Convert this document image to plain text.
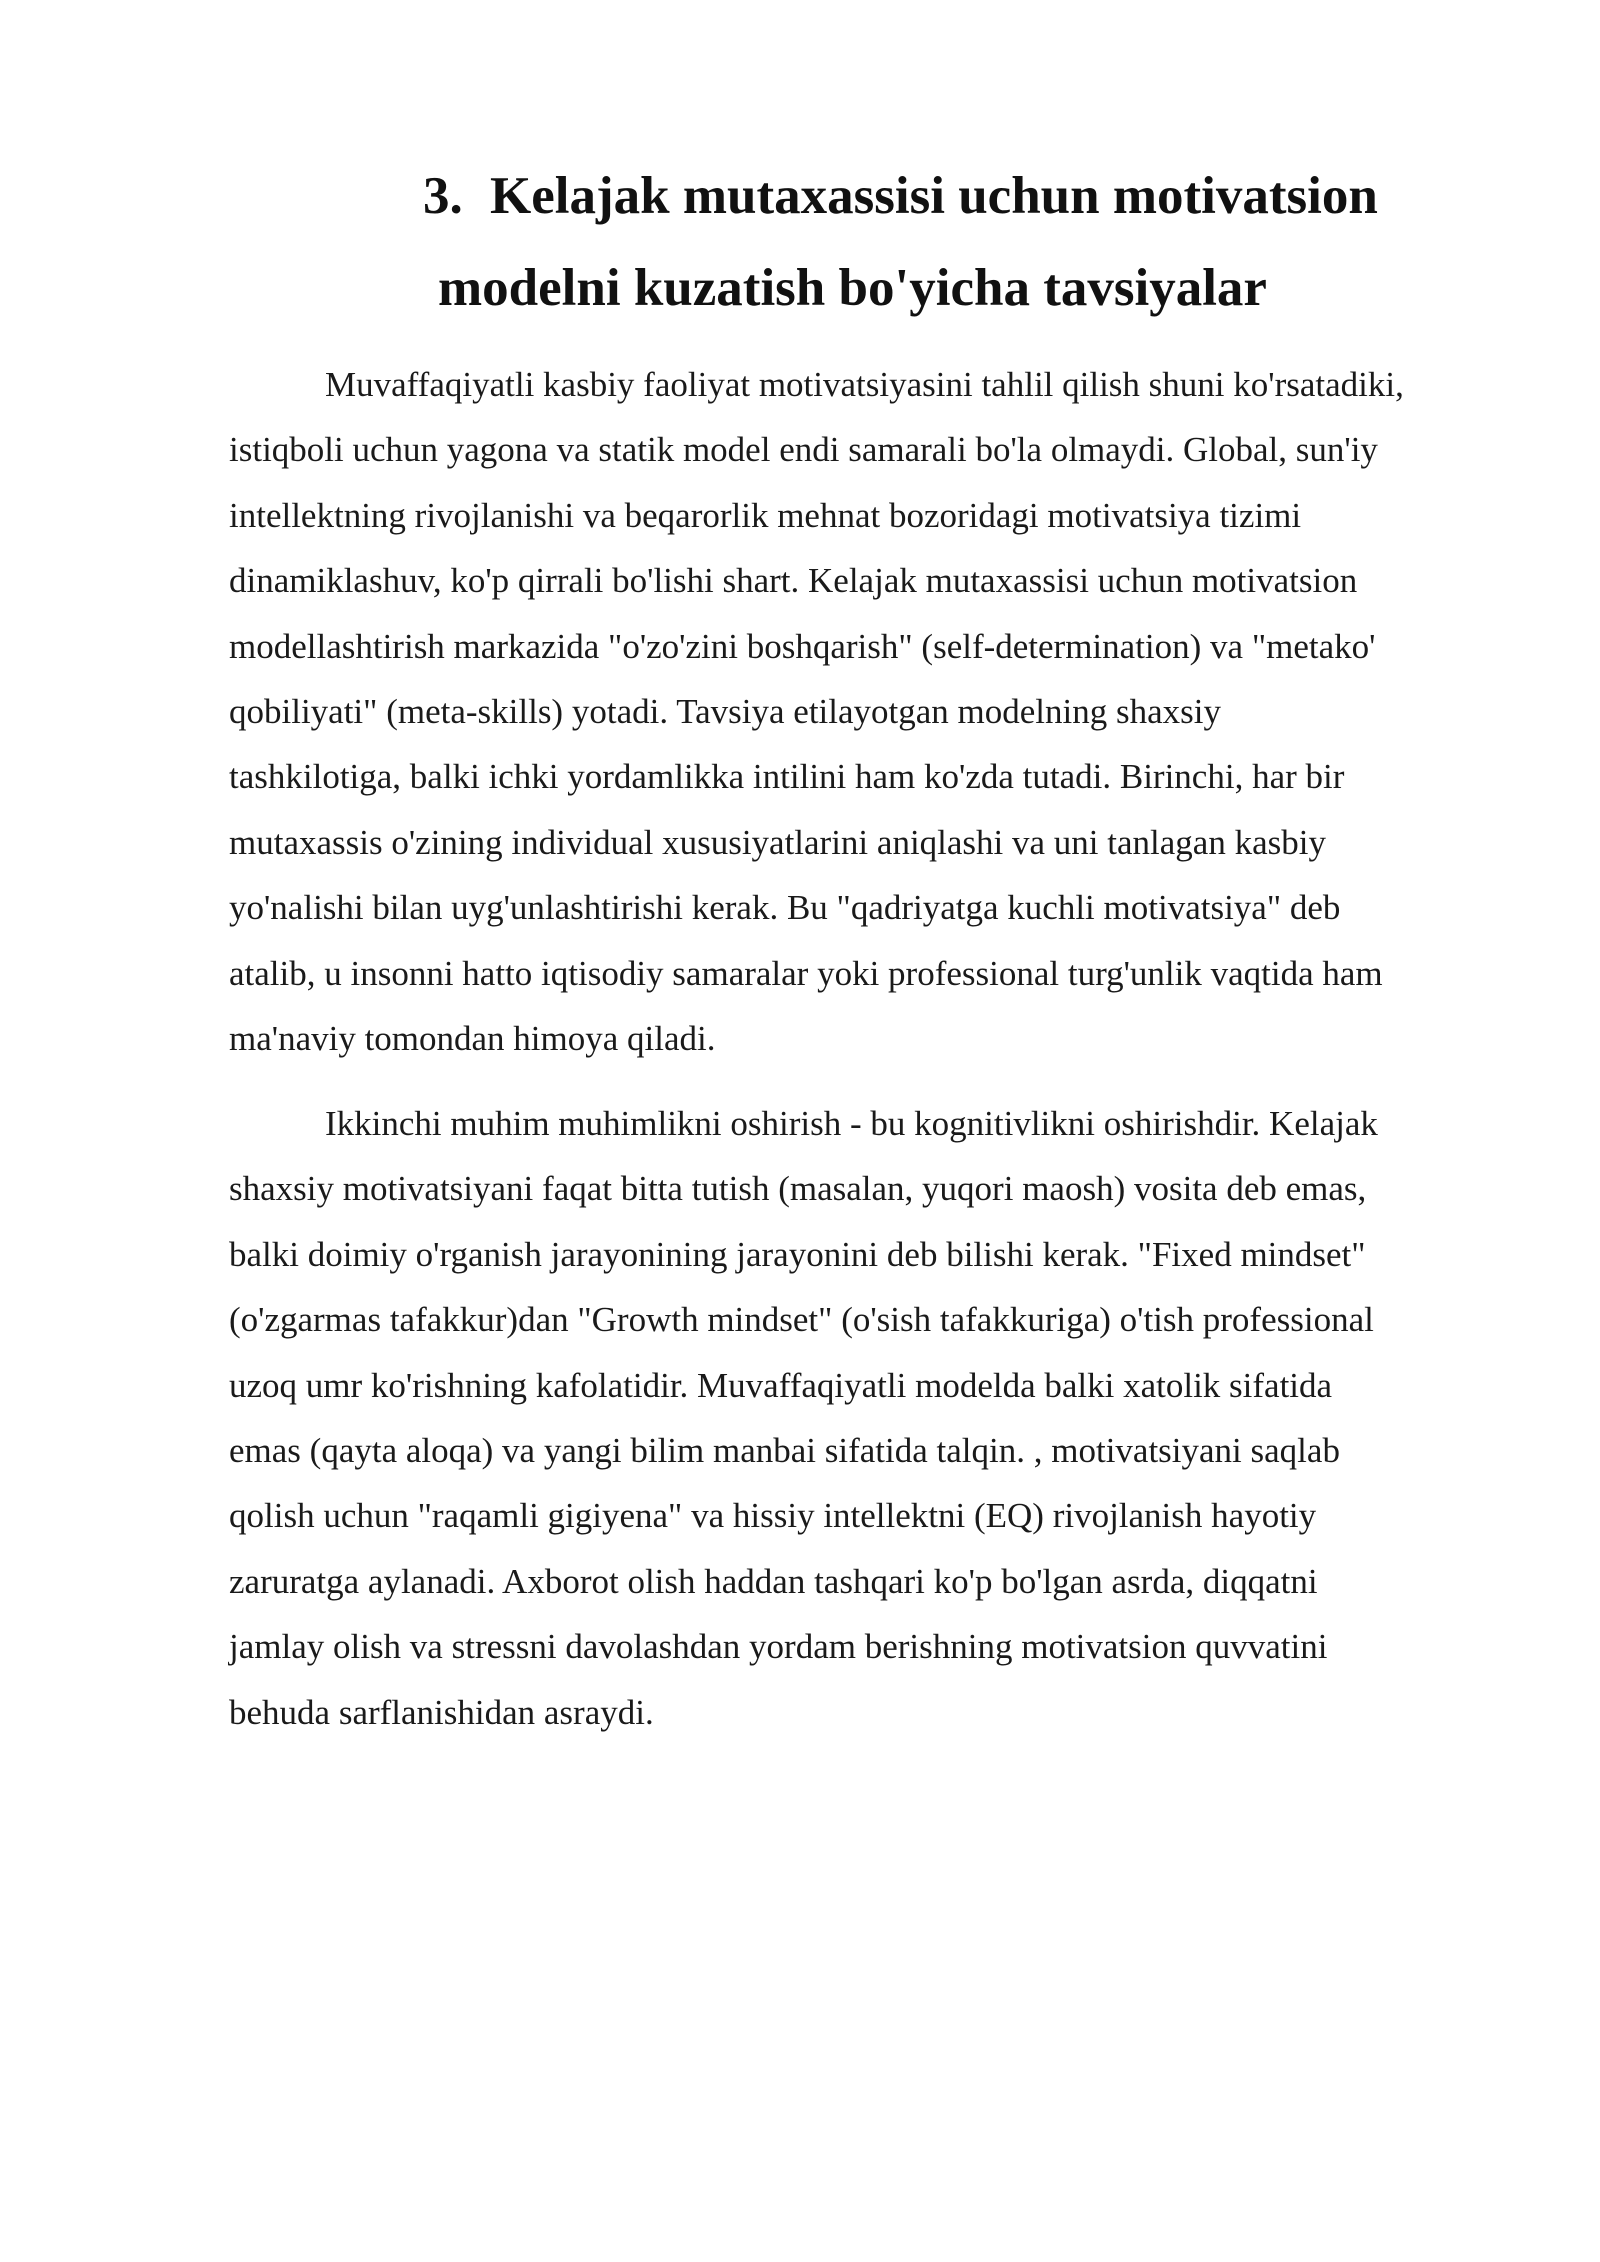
3. Kelajak mutaxassisi uchun motivatsion
modelni kuzatish bo'yicha tavsiyalar
Muvaffaqiyatli kasbiy faoliyat motivatsiyasini tahlil qilish shuni ko'rsatadiki,
istiqboli uchun yagona va statik model endi samarali bo'la olmaydi. Global, sun'iy
intellektning rivojlanishi va beqarorlik mehnat bozoridagi motivatsiya tizimi
dinamiklashuv, ko'p qirrali bo'lishi shart. Kelajak mutaxassisi uchun motivatsion
modellashtirish markazida "o'zo'zini boshqarish" (self-determination) va "metako'
qobiliyati" (meta-skills) yotadi. Tavsiya etilayotgan modelning shaxsiy
tashkilotiga, balki ichki yordamlikka intilini ham ko'zda tutadi. Birinchi, har bir
mutaxassis o'zining individual xususiyatlarini aniqlashi va uni tanlagan kasbiy
yo'nalishi bilan uyg'unlashtirishi kerak. Bu "qadriyatga kuchli motivatsiya" deb
atalib, u insonni hatto iqtisodiy samaralar yoki professional turg'unlik vaqtida ham
ma'naviy tomondan himoya qiladi.
Ikkinchi muhim muhimlikni oshirish - bu kognitivlikni oshirishdir. Kelajak
shaxsiy motivatsiyani faqat bitta tutish (masalan, yuqori maosh) vosita deb emas,
balki doimiy o'rganish jarayonining jarayonini deb bilishi kerak. "Fixed mindset"
(o'zgarmas tafakkur)dan "Growth mindset" (o'sish tafakkuriga) o'tish professional
uzoq umr ko'rishning kafolatidir. Muvaffaqiyatli modelda balki xatolik sifatida
emas (qayta aloqa) va yangi bilim manbai sifatida talqin. , motivatsiyani saqlab
qolish uchun "raqamli gigiyena" va hissiy intellektni (EQ) rivojlanish hayotiy
zaruratga aylanadi. Axborot olish haddan tashqari ko'p bo'lgan asrda, diqqatni
jamlay olish va stressni davolashdan yordam berishning motivatsion quvvatini
behuda sarflanishidan asraydi.
